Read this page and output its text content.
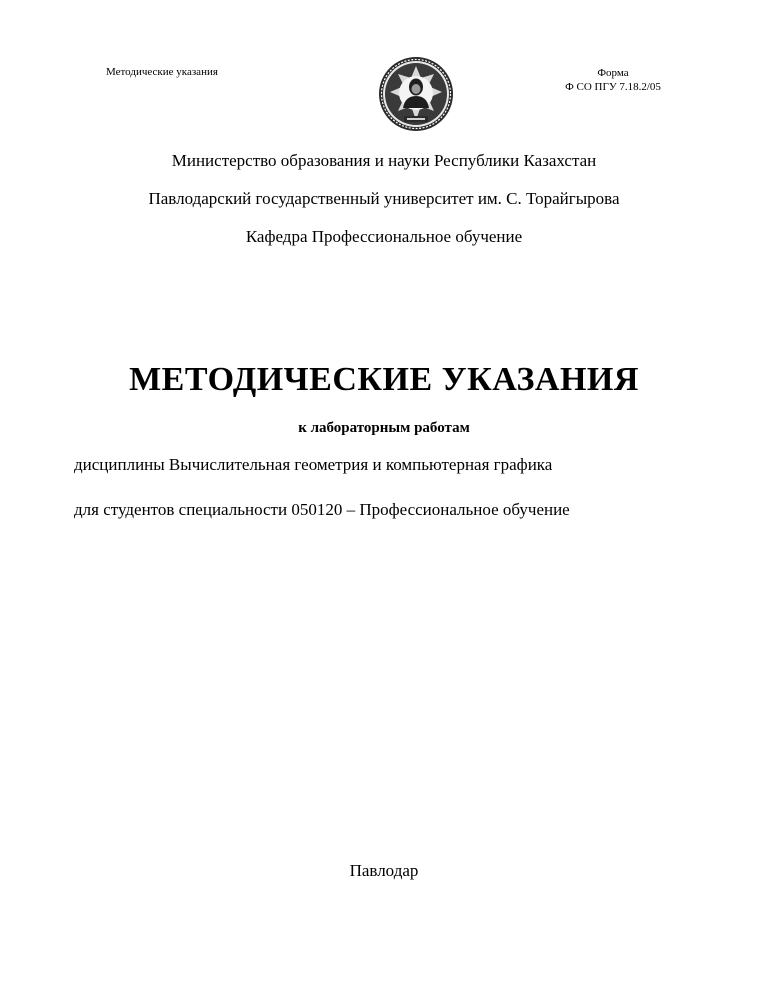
Методические указания	Форма
Ф СО ПГУ 7.18.2/05
Министерство образования и науки Республики Казахстан
Павлодарский государственный университет им. С. Торайгырова
Кафедра Профессиональное обучение
МЕТОДИЧЕСКИЕ УКАЗАНИЯ
к лабораторным работам
дисциплины Вычислительная геометрия и компьютерная графика
для студентов специальности 050120 – Профессиональное обучение
Павлодар
